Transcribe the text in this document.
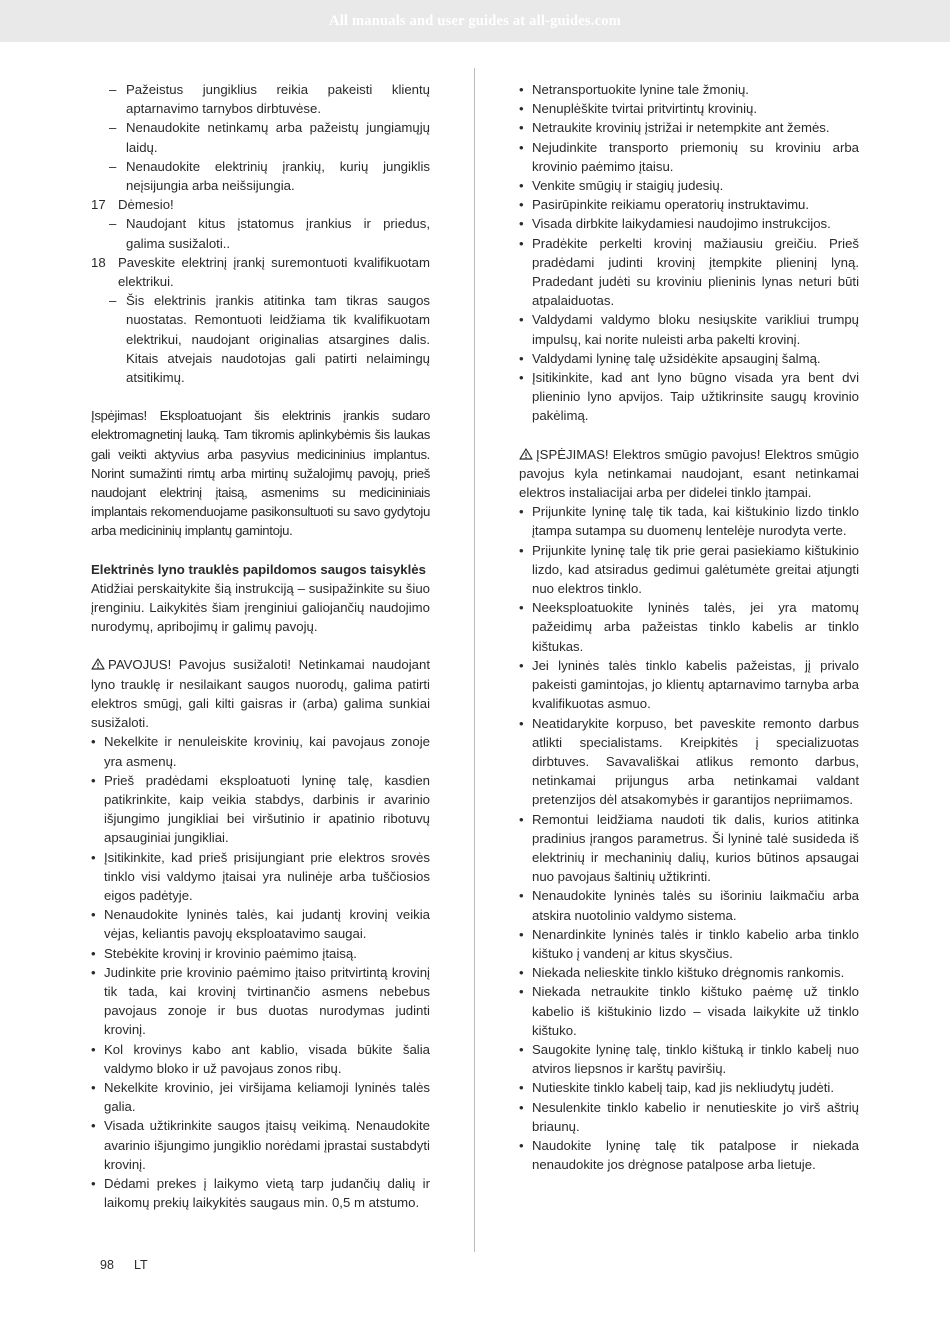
All manuals and user guides at all-guides.com
– Pažeistus jungiklius reikia pakeisti klientų aptarnavimo tarnybos dirbtuvėse.
– Nenaudokite netinkamų arba pažeistų jungiamųjų laidų.
– Nenaudokite elektrinių įrankių, kurių jungiklis neįsijungia arba neišsijungia.
17 Dėmesio!
– Naudojant kitus įstatomus įrankius ir priedus, galima susižaloti..
18 Paveskite elektrinį įrankį suremontuoti kvalifikuotam elektrikui.
– Šis elektrinis įrankis atitinka tam tikras saugos nuostatas. Remontuoti leidžiama tik kvalifikuotam elektrikui, naudojant originalias atsargines dalis. Kitais atvejais naudotojas gali patirti nelaimingų atsitikimų.

Įspėjimas! Eksploatuojant šis elektrinis įrankis sudaro elektromagnetinį lauką. Tam tikromis aplinkybėmis šis laukas gali veikti aktyvius arba pasyvius medicininius implantus. Norint sumažinti rimtų arba mirtinų sužalojimų pavojų, prieš naudojant elektrinį įtaisą, asmenims su medicininiais implantais rekomenduojame pasikonsultuoti su savo gydytoju arba medicininių implantų gamintoju.

Elektrinės lyno trauklės papildomos saugos taisyklės

Atidžiai perskaitykite šią instrukciją – susipažinkite su šiuo įrenginiu. Laikykitės šiam įrenginiui galiojančių naudojimo nurodymų, apribojimų ir galimų pavojų.

PAVOJUS! Pavojus susižaloti! Netinkamai naudojant lyno trauklę ir nesilaikant saugos nuorodų, galima patirti elektros smūgį, gali kilti gaisras ir (arba) galima sunkiai susižaloti.

• Nekelkite ir nenuleiskite krovinių, kai pavojaus zonoje yra asmenų.
• Prieš pradėdami eksploatuoti lyninę talę, kasdien patikrinkite, kaip veikia stabdys, darbinis ir avarinio išjungimo jungikliai bei viršutinio ir apatinio ribotuvų apsauginiai jungikliai.
• Įsitikinkite, kad prieš prisijungiant prie elektros srovės tinklo visi valdymo įtaisai yra nulinėje arba tuščiosios eigos padėtyje.
• Nenaudokite lyninės talės, kai judantį krovinį veikia vėjas, keliantis pavojų eksploatavimo saugai.
• Stebėkite krovinį ir krovinio paėmimo įtaisą.
• Judinkite prie krovinio paėmimo įtaiso pritvirtintą krovinį tik tada, kai krovinį tvirtinančio asmens nebebus pavojaus zonoje ir bus duotas nurodymas judinti krovinį.
• Kol krovinys kabo ant kablio, visada būkite šalia valdymo bloko ir už pavojaus zonos ribų.
• Nekelkite krovinio, jei viršijama keliamoji lyninės talės galia.
• Visada užtikrinkite saugos įtaisų veikimą. Nenaudokite avarinio išjungimo jungiklio norėdami įprastai sustabdyti krovinį.
• Dėdami prekes į laikymo vietą tarp judančių dalių ir laikomų prekių laikykitės saugaus min. 0,5 m atstumo.
• Netransportuokite lynine tale žmonių.
• Nenuplėškite tvirtai pritvirtintų krovinių.
• Netraukite krovinių įstrižai ir netempkite ant žemės.
• Nejudinkite transporto priemonių su kroviniu arba krovinio paėmimo įtaisu.
• Venkite smūgių ir staigių judesių.
• Pasirūpinkite reikiamu operatorių instruktavimu.
• Visada dirbkite laikydamiesi naudojimo instrukcijos.
• Pradėkite perkelti krovinį mažiausiu greičiu. Prieš pradėdami judinti krovinį įtempkite plieninį lyną. Pradedant judėti su kroviniu plieninis lynas neturi būti atpalaiduotas.
• Valdydami valdymo bloku nesiųskite varikliui trumpų impulsų, kai norite nuleisti arba pakelti krovinį.
• Valdydami lyninę talę užsidėkite apsauginį šalmą.
• Įsitikinkite, kad ant lyno būgno visada yra bent dvi plieninio lyno apvijos. Taip užtikrinsite saugų krovinio pakėlimą.

ĮSPĖJIMAS! Elektros smūgio pavojus! Elektros smūgio pavojus kyla netinkamai naudojant, esant netinkamai elektros instaliacijai arba per didelei tinklo įtampai.

• Prijunkite lyninę talę tik tada, kai kištukinio lizdo tinklo įtampa sutampa su duomenų lentelėje nurodyta verte.
• Prijunkite lyninę talę tik prie gerai pasiekiamo kištukinio lizdo, kad atsiradus gedimui galėtumėte greitai atjungti nuo elektros tinklo.
• Neeksploatuokite lyninės talės, jei yra matomų pažeidimų arba pažeistas tinklo kabelis ar tinklo kištukas.
• Jei lyninės talės tinklo kabelis pažeistas, jį privalo pakeisti gamintojas, jo klientų aptarnavimo tarnyba arba kvalifikuotas asmuo.
• Neatidarykite korpuso, bet paveskite remonto darbus atlikti specialistams. Kreipkitės į specializuotas dirbtuves. Savavališkai atlikus remonto darbus, netinkamai prijungus arba netinkamai valdant pretenzijos dėl atsakomybės ir garantijos nepriimamos.
• Remontui leidžiama naudoti tik dalis, kurios atitinka pradinius įrangos parametrus. Ši lyninė talė susideda iš elektrinių ir mechaninių dalių, kurios būtinos apsaugai nuo pavojaus šaltinių užtikrinti.
• Nenaudokite lyninės talės su išoriniu laikmačiu arba atskira nuotolinio valdymo sistema.
• Nenardinkite lyninės talės ir tinklo kabelio arba tinklo kištuko į vandenį ar kitus skysčius.
• Niekada nelieskite tinklo kištuko drėgnomis rankomis.
• Niekada netraukite tinklo kištuko paėmę už tinklo kabelio iš kištukinio lizdo – visada laikykite už tinklo kištuko.
• Saugokite lyninę talę, tinklo kištuką ir tinklo kabelį nuo atviros liepsnos ir karštų paviršių.
• Nutieskite tinklo kabelį taip, kad jis nekliudytų judėti.
• Nesulenkite tinklo kabelio ir nenutieskite jo virš aštrių briaunų.
• Naudokite lyninę talę tik patalpose ir niekada nenaudokite jos drėgnose patalpose arba lietuje.
98 LT
